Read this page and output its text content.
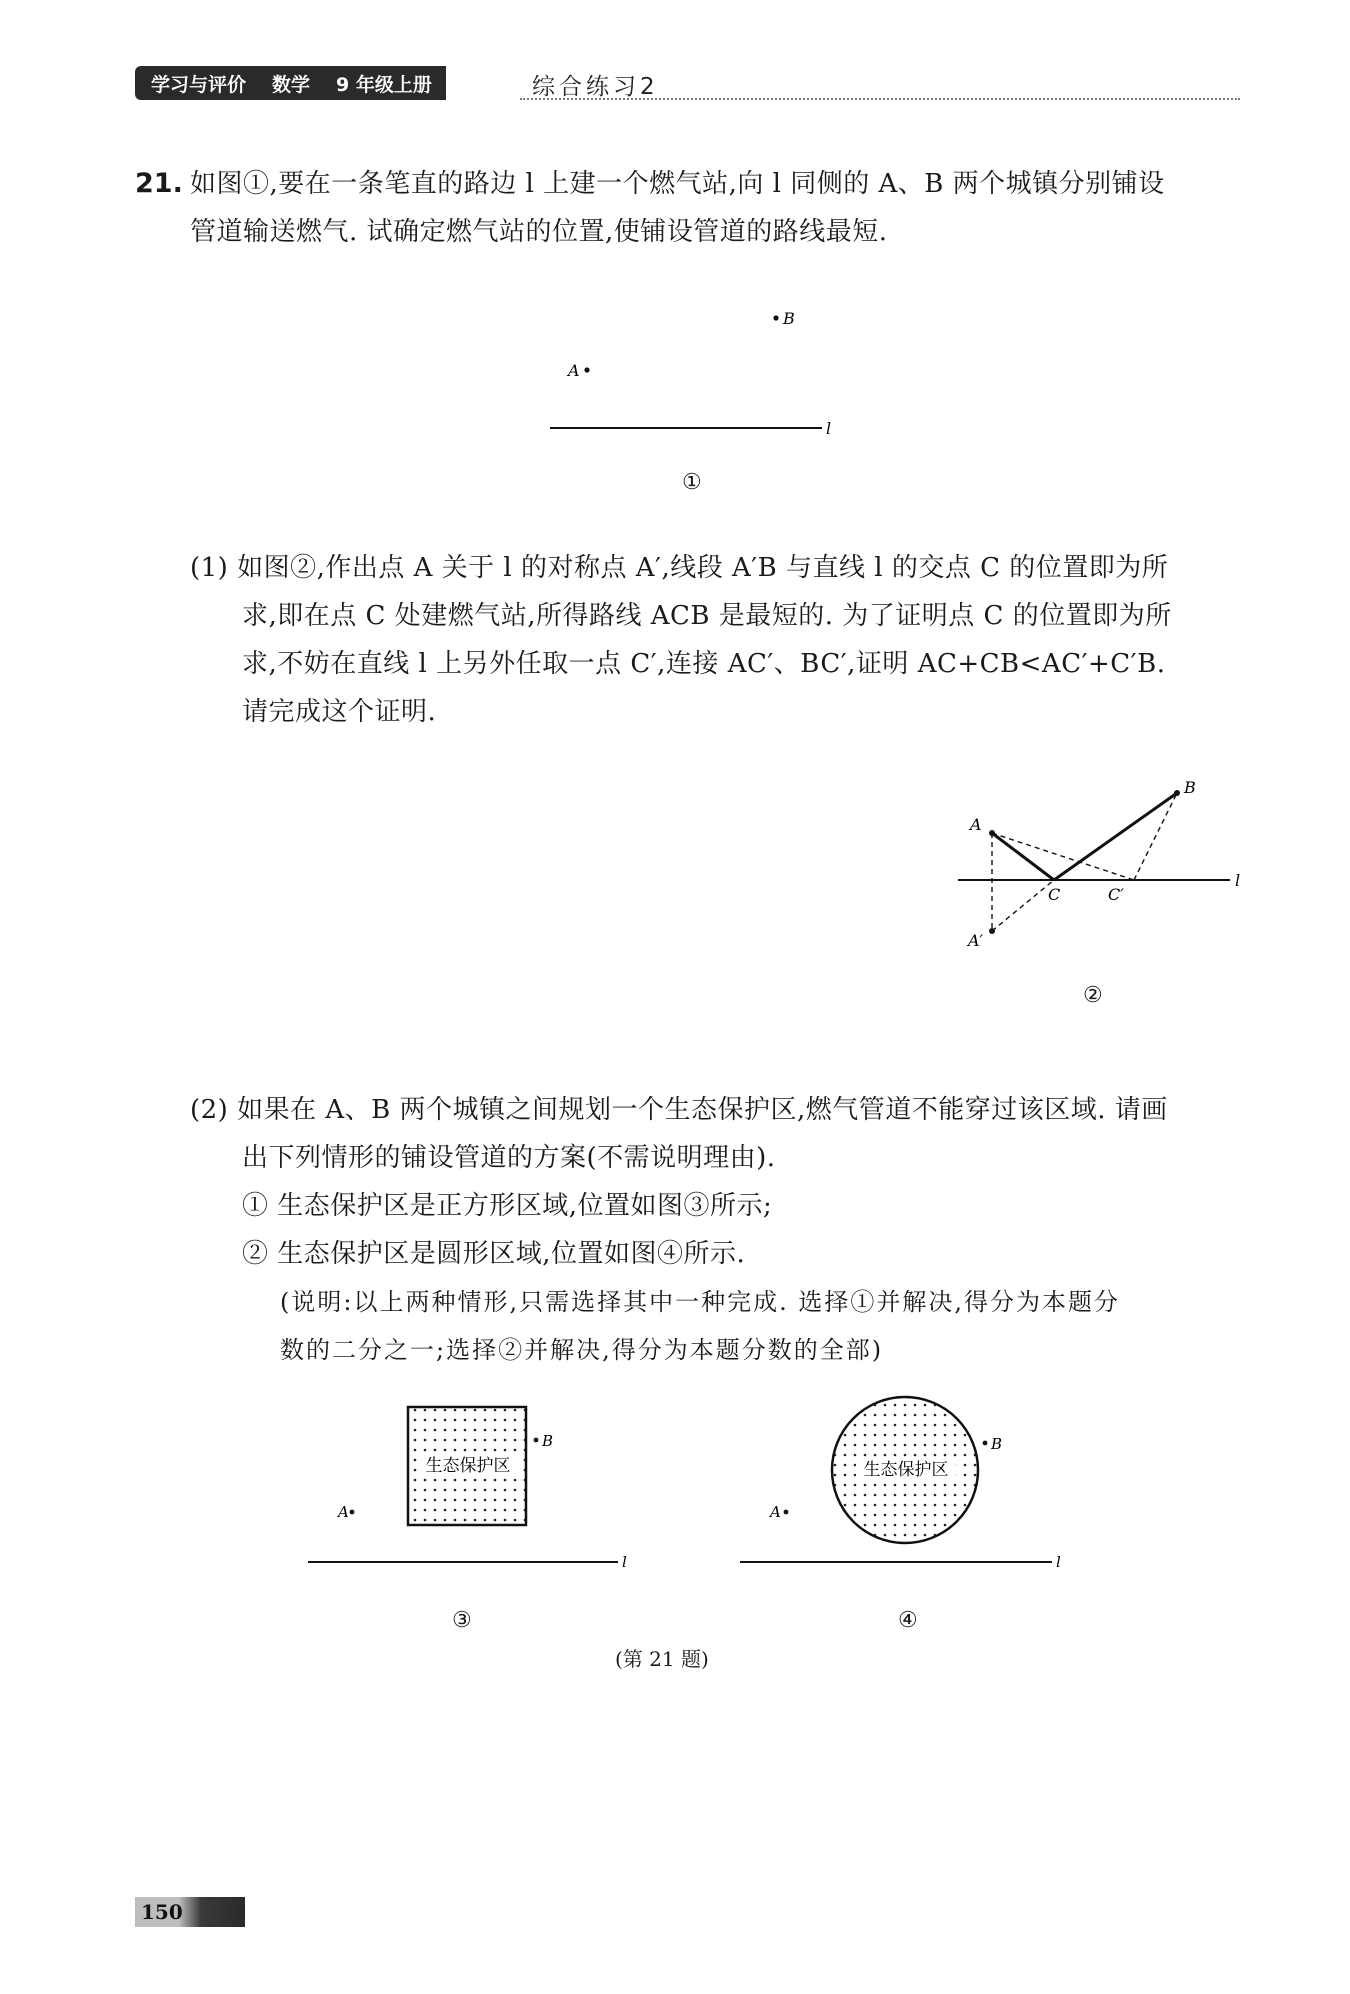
学习与评价 数学 9 年级上册	综合练习2
21. 如图①,要在一条笔直的路边 l 上建一个燃气站,向 l 同侧的 A、B 两个城镇分别铺设
管道输送燃气. 试确定燃气站的位置,使铺设管道的路线最短.
B
A
l
①
(1) 如图②,作出点 A 关于 l 的对称点 A′,线段 A′B 与直线 l 的交点 C 的位置即为所
求,即在点 C 处建燃气站,所得路线 ACB 是最短的. 为了证明点 C 的位置即为所
求,不妨在直线 l 上另外任取一点 C′,连接 AC′、BC′,证明 AC+CB<AC′+C′B.
请完成这个证明.
l
A
B
C	C′
A′
②
(2) 如果在 A、B 两个城镇之间规划一个生态保护区,燃气管道不能穿过该区域. 请画
出下列情形的铺设管道的方案(不需说明理由).
① 生态保护区是正方形区域,位置如图③所示;
② 生态保护区是圆形区域,位置如图④所示.
(说明:以上两种情形,只需选择其中一种完成. 选择①并解决,得分为本题分
数的二分之一;选择②并解决,得分为本题分数的全部)
生态保护区
B
A
l
③
生态保护区
B
A
l
④
(第 21 题)
150
